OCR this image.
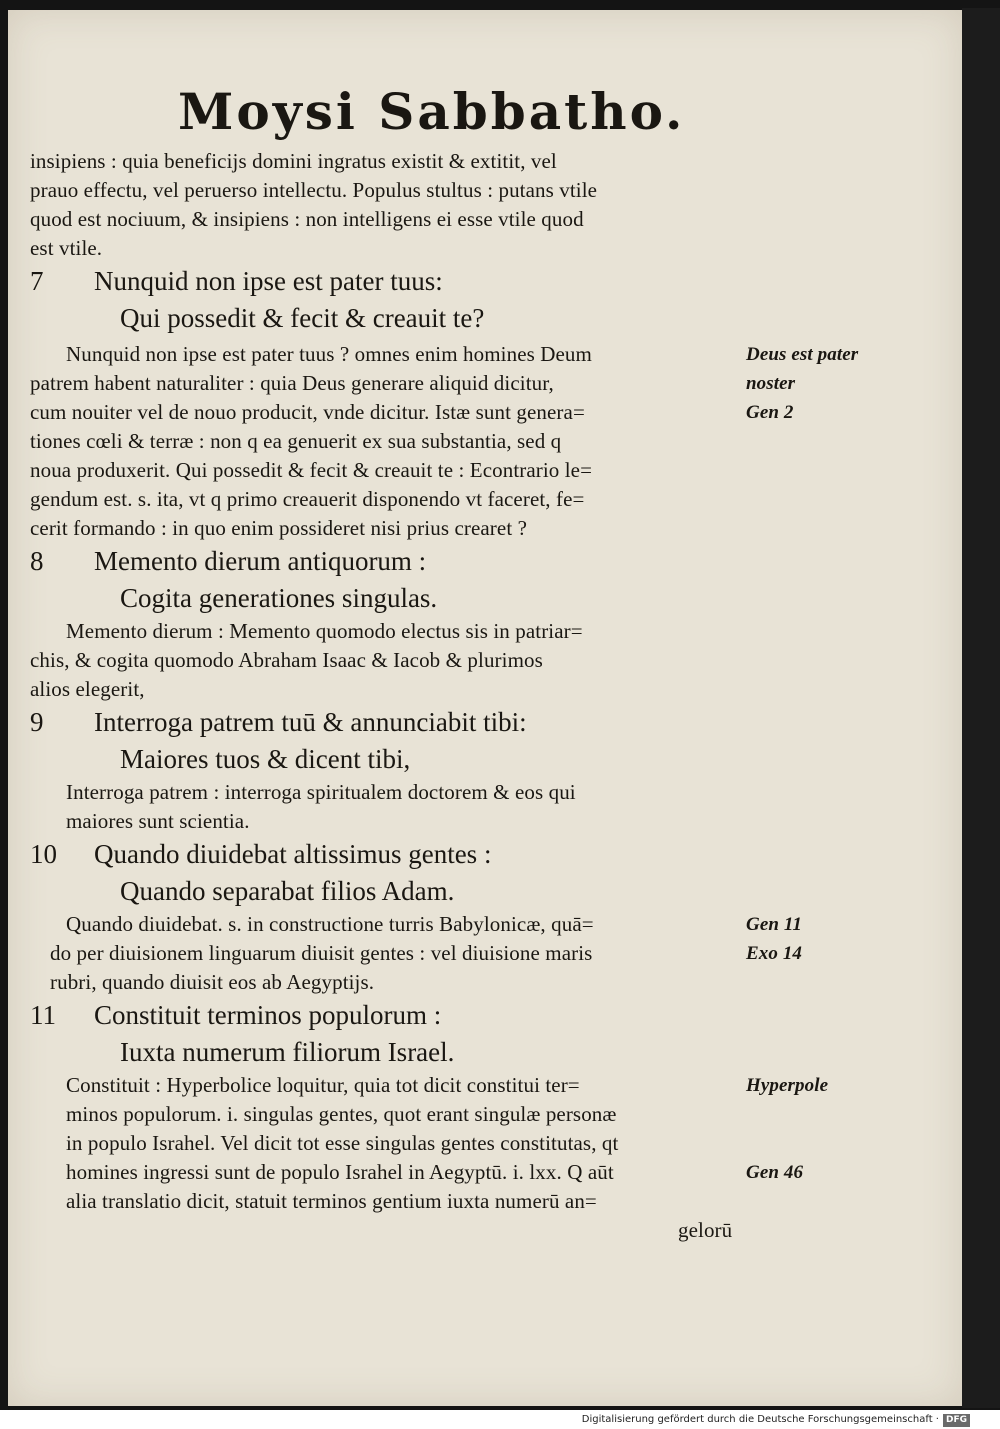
Moysi Sabbatho.
insipiens : quia beneficijs domini ingratus existit & extitit, vel
prauo effectu, vel peruerso intellectu. Populus stultus : putans vtile
quod est nociuum, & insipiens : non intelligens ei esse vtile quod
est vtile.
7 Nunquid non ipse est pater tuus:
Qui possedit & fecit & creauit te?
Nunquid non ipse est pater tuus ? omnes enim homines Deum	Deus est pater
patrem habent naturaliter : quia Deus generare aliquid dicitur,	noster
cum nouiter vel de nouo producit, vnde dicitur. Istæ sunt genera=	Gen 2
tiones cœli & terræ : non q ea genuerit ex sua substantia, sed q
noua produxerit. Qui possedit & fecit & creauit te : Econtrario le=
gendum est. s. ita, vt q primo creauerit disponendo vt faceret, fe=
cerit formando : in quo enim possideret nisi prius crearet ?
8 Memento dierum antiquorum :
Cogita generationes singulas.
Memento dierum : Memento quomodo electus sis in patriar=
chis, & cogita quomodo Abraham Isaac & Iacob & plurimos
alios elegerit,
9 Interroga patrem tuū & annunciabit tibi:
Maiores tuos & dicent tibi,
Interroga patrem : interroga spiritualem doctorem & eos qui
maiores sunt scientia.
10 Quando diuidebat altissimus gentes :
Quando separabat filios Adam.
Quando diuidebat. s. in constructione turris Babylonicæ, quā=	Gen 11
do per diuisionem linguarum diuisit gentes : vel diuisione maris	Exo 14
rubri, quando diuisit eos ab Aegyptijs.
11 Constituit terminos populorum :
Iuxta numerum filiorum Israel.
Constituit : Hyperbolice loquitur, quia tot dicit constitui ter=	Hyperpole
minos populorum. i. singulas gentes, quot erant singulæ personæ
in populo Israhel. Vel dicit tot esse singulas gentes constitutas, qt
homines ingressi sunt de populo Israhel in Aegyptū. i. lxx. Q aūt	Gen 46
alia translatio dicit, statuit terminos gentium iuxta numerū an=
gelorū
Digitalisierung gefördert durch die Deutsche Forschungsgemeinschaft · DFG
